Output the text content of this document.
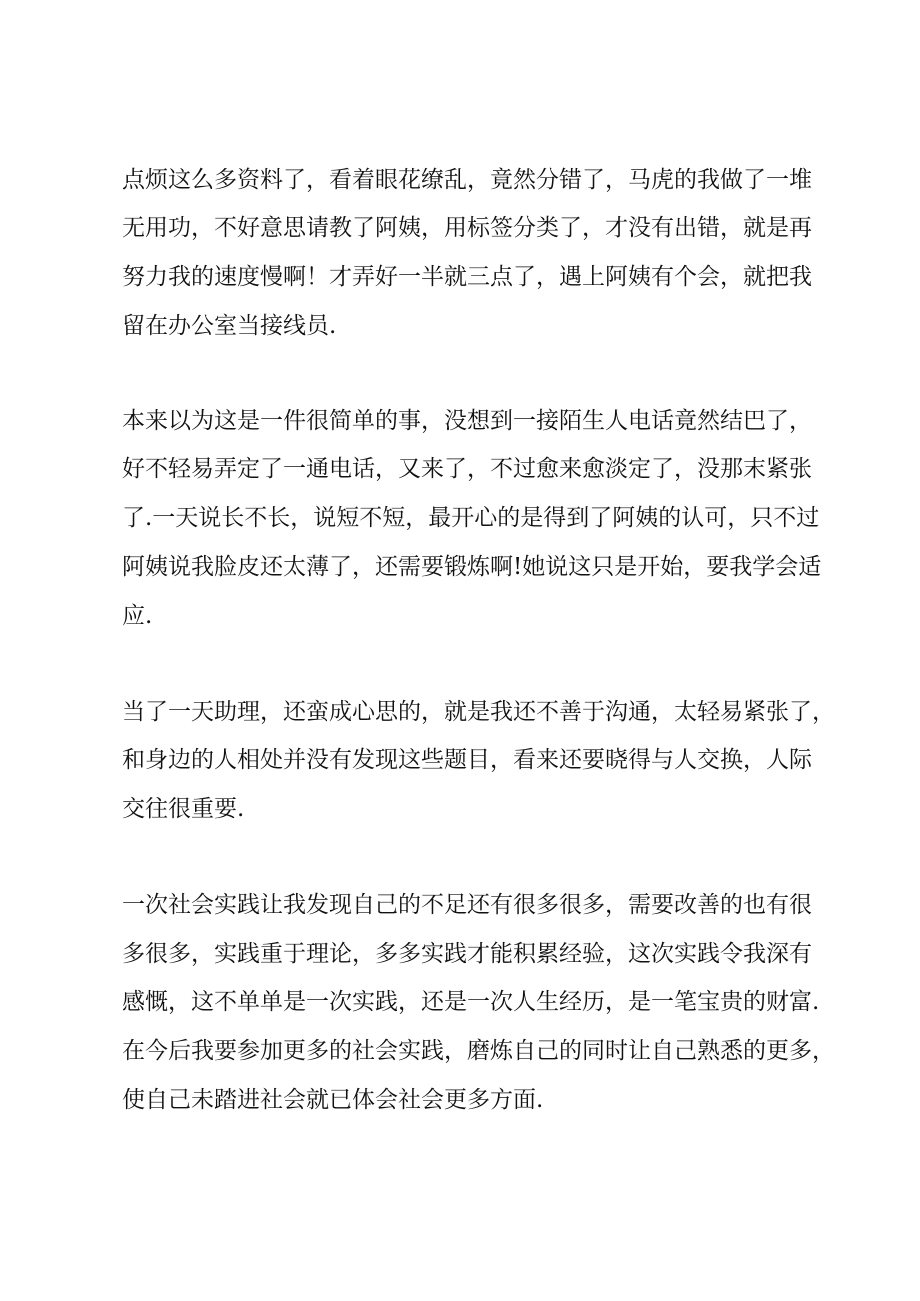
点烦这么多资料了，看着眼花缭乱，竟然分错了，马虎的我做了一堆

无用功，不好意思请教了阿姨，用标签分类了，才没有出错，就是再

努力我的速度慢啊！才弄好一半就三点了，遇上阿姨有个会，就把我

留在办公室当接线员.

本来以为这是一件很简单的事，没想到一接陌生人电话竟然结巴了，

好不轻易弄定了一通电话，又来了，不过愈来愈淡定了，没那末紧张

了.一天说长不长，说短不短，最开心的是得到了阿姨的认可，只不过

阿姨说我脸皮还太薄了，还需要锻炼啊!她说这只是开始，要我学会适

应.

当了一天助理，还蛮成心思的，就是我还不善于沟通，太轻易紧张了，

和身边的人相处并没有发现这些题目，看来还要晓得与人交换，人际

交往很重要.

一次社会实践让我发现自己的不足还有很多很多，需要改善的也有很

多很多，实践重于理论，多多实践才能积累经验，这次实践令我深有

感慨，这不单单是一次实践，还是一次人生经历，是一笔宝贵的财富.

在今后我要参加更多的社会实践，磨炼自己的同时让自己熟悉的更多，

使自己未踏进社会就已体会社会更多方面.
